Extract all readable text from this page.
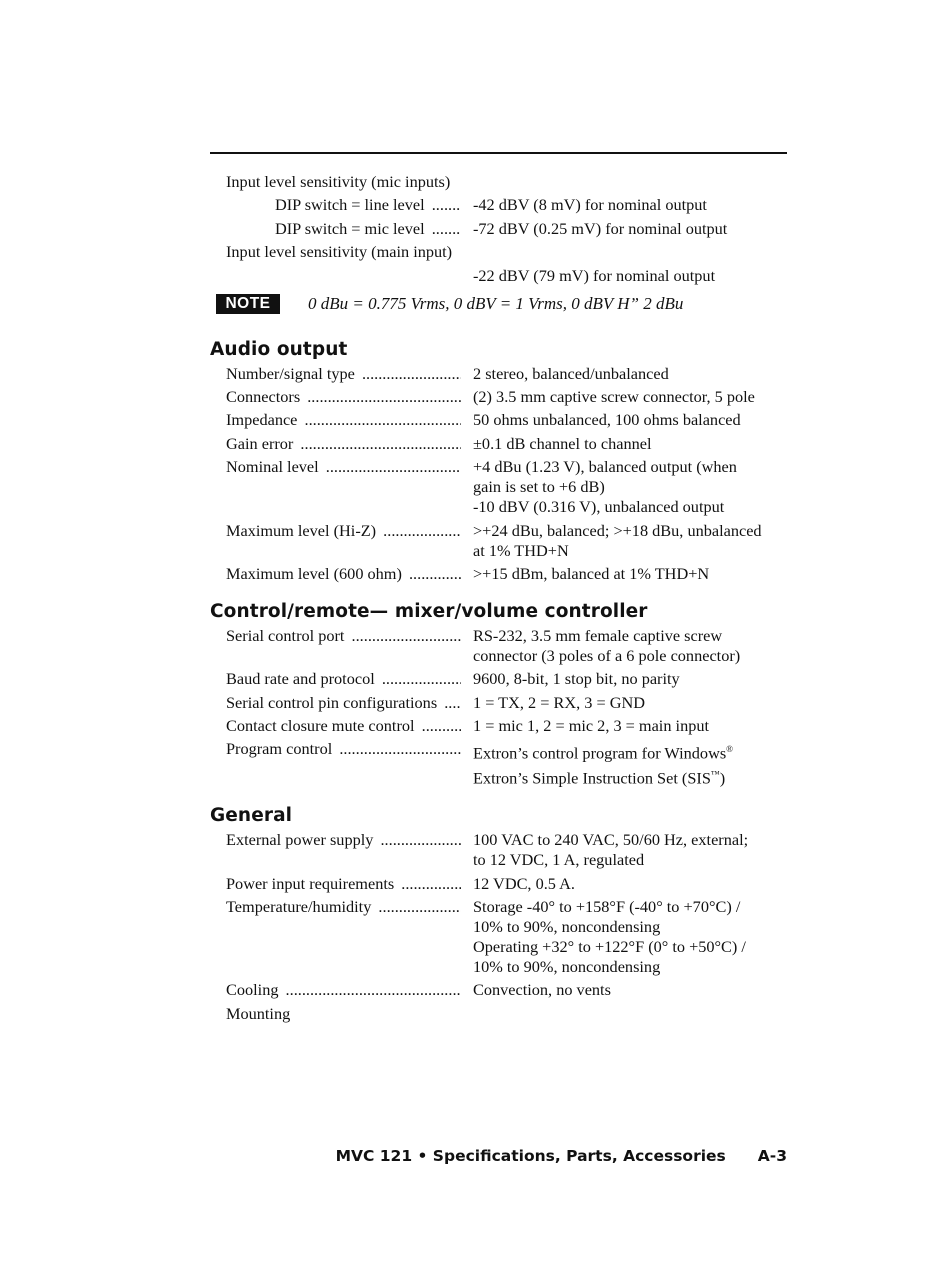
Input level sensitivity (mic inputs)
DIP switch = line level .....	-42 dBV (8 mV) for nominal output
DIP switch = mic level .....	-72 dBV (0.25 mV) for nominal output
Input level sensitivity (main input)
-22 dBV (79 mV) for nominal output
NOTE	0 dBu = 0.775 Vrms, 0 dBV = 1 Vrms, 0 dBV H” 2 dBu
Audio output
Number/signal type .....	2 stereo, balanced/unbalanced
Connectors .....	(2) 3.5 mm captive screw connector, 5 pole
Impedance .....	50 ohms unbalanced, 100 ohms balanced
Gain error .....	±0.1 dB channel to channel
Nominal level .....	+4 dBu (1.23 V), balanced output (when
gain is set to +6 dB)
-10 dBV (0.316 V), unbalanced output
Maximum level (Hi-Z) .....	>+24 dBu, balanced; >+18 dBu, unbalanced
at 1% THD+N
Maximum level (600 ohm) .....	>+15 dBm, balanced at 1% THD+N
Control/remote— mixer/volume controller
Serial control port .....	RS-232, 3.5 mm female captive screw
connector (3 poles of a 6 pole connector)
Baud rate and protocol .....	9600, 8-bit, 1 stop bit, no parity
Serial control pin configurations .....	1 = TX, 2 = RX, 3 = GND
Contact closure mute control .....	1 = mic 1, 2 = mic 2, 3 = main input
Program control .....	Extron’s control program for Windows®
Extron’s Simple Instruction Set (SIS™)
General
External power supply .....	100 VAC to 240 VAC, 50/60 Hz, external;
to 12 VDC, 1 A, regulated
Power input requirements .....	12 VDC, 0.5 A.
Temperature/humidity .....	Storage -40° to +158°F (-40° to +70°C) /
10% to 90%, noncondensing
Operating +32° to +122°F (0° to +50°C) /
10% to 90%, noncondensing
Cooling .....	Convection, no vents
Mounting
MVC 121 • Specifications, Parts, Accessories A-3
